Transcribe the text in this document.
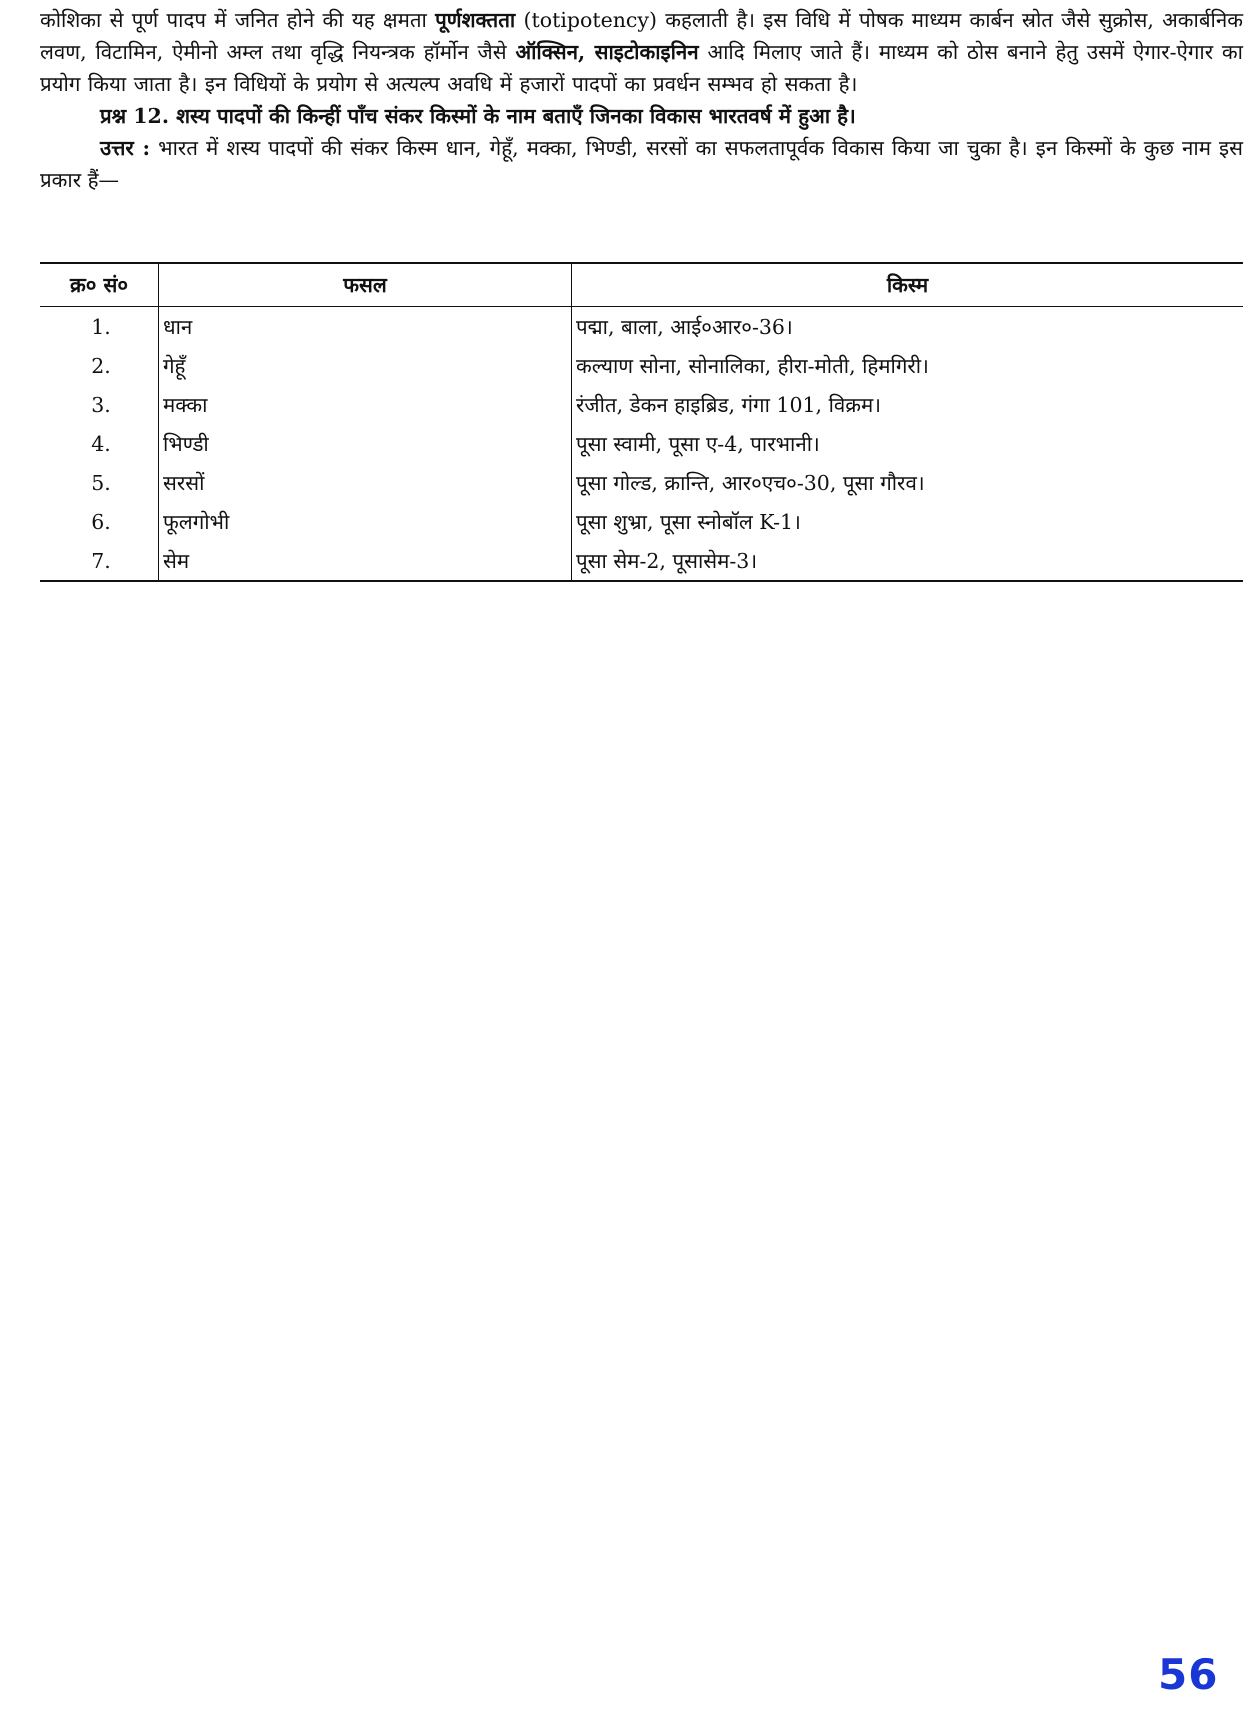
कोशिका से पूर्ण पादप में जनित होने की यह क्षमता पूर्णशक्तता (totipotency) कहलाती है। इस विधि में पोषक माध्यम कार्बन स्रोत जैसे सुक्रोस, अकार्बनिक लवण, विटामिन, ऐमीनो अम्ल तथा वृद्धि नियन्त्रक हॉर्मोन जैसे ऑक्सिन, साइटोकाइनिन आदि मिलाए जाते हैं। माध्यम को ठोस बनाने हेतु उसमें ऐगार-ऐगार का प्रयोग किया जाता है। इन विधियों के प्रयोग से अत्यल्प अवधि में हजारों पादपों का प्रवर्धन सम्भव हो सकता है।

प्रश्न 12. शस्य पादपों की किन्हीं पाँच संकर किस्मों के नाम बताएँ जिनका विकास भारतवर्ष में हुआ है।

उत्तर : भारत में शस्य पादपों की संकर किस्म धान, गेहूँ, मक्का, भिण्डी, सरसों का सफलतापूर्वक विकास किया जा चुका है। इन किस्मों के कुछ नाम इस प्रकार हैं—

क्र० सं०	फसल	किस्म
1.	धान	पद्मा, बाला, आई०आर०-36।
2.	गेहूँ	कल्याण सोना, सोनालिका, हीरा-मोती, हिमगिरी।
3.	मक्का	रंजीत, डेकन हाइब्रिड, गंगा 101, विक्रम।
4.	भिण्डी	पूसा स्वामी, पूसा ए-4, पारभानी।
5.	सरसों	पूसा गोल्ड, क्रान्ति, आर०एच०-30, पूसा गौरव।
6.	फूलगोभी	पूसा शुभ्रा, पूसा स्नोबॉल K-1।
7.	सेम	पूसा सेम-2, पूसासेम-3।
56
